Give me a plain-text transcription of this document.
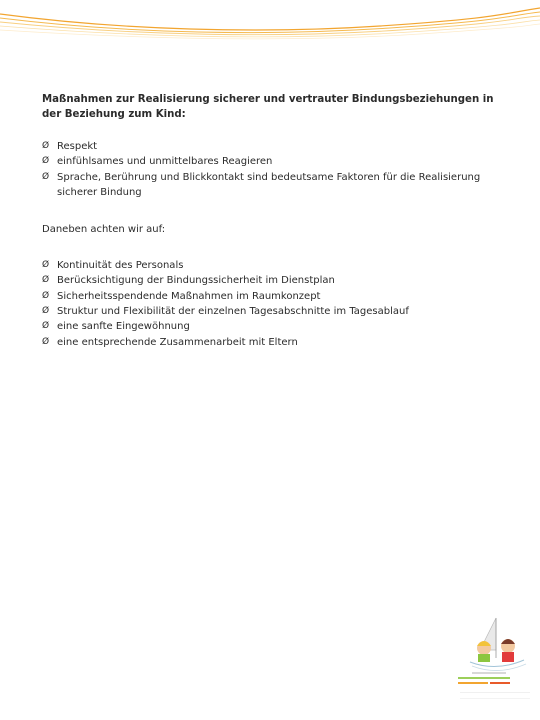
Maßnahmen zur Realisierung sicherer und vertrauter Bindungsbeziehungen in der Beziehung zum Kind:

Ø Respekt
Ø einfühlsames und unmittelbares Reagieren
Ø Sprache, Berührung und Blickkontakt sind bedeutsame Faktoren für die Realisierung sicherer Bindung

Daneben achten wir auf:

Ø Kontinuität des Personals
Ø Berücksichtigung der Bindungssicherheit im Dienstplan
Ø Sicherheitsspendende Maßnahmen im Raumkonzept
Ø Struktur und Flexibilität der einzelnen Tagesabschnitte im Tagesablauf
Ø eine sanfte Eingewöhnung
Ø eine entsprechende Zusammenarbeit mit Eltern
